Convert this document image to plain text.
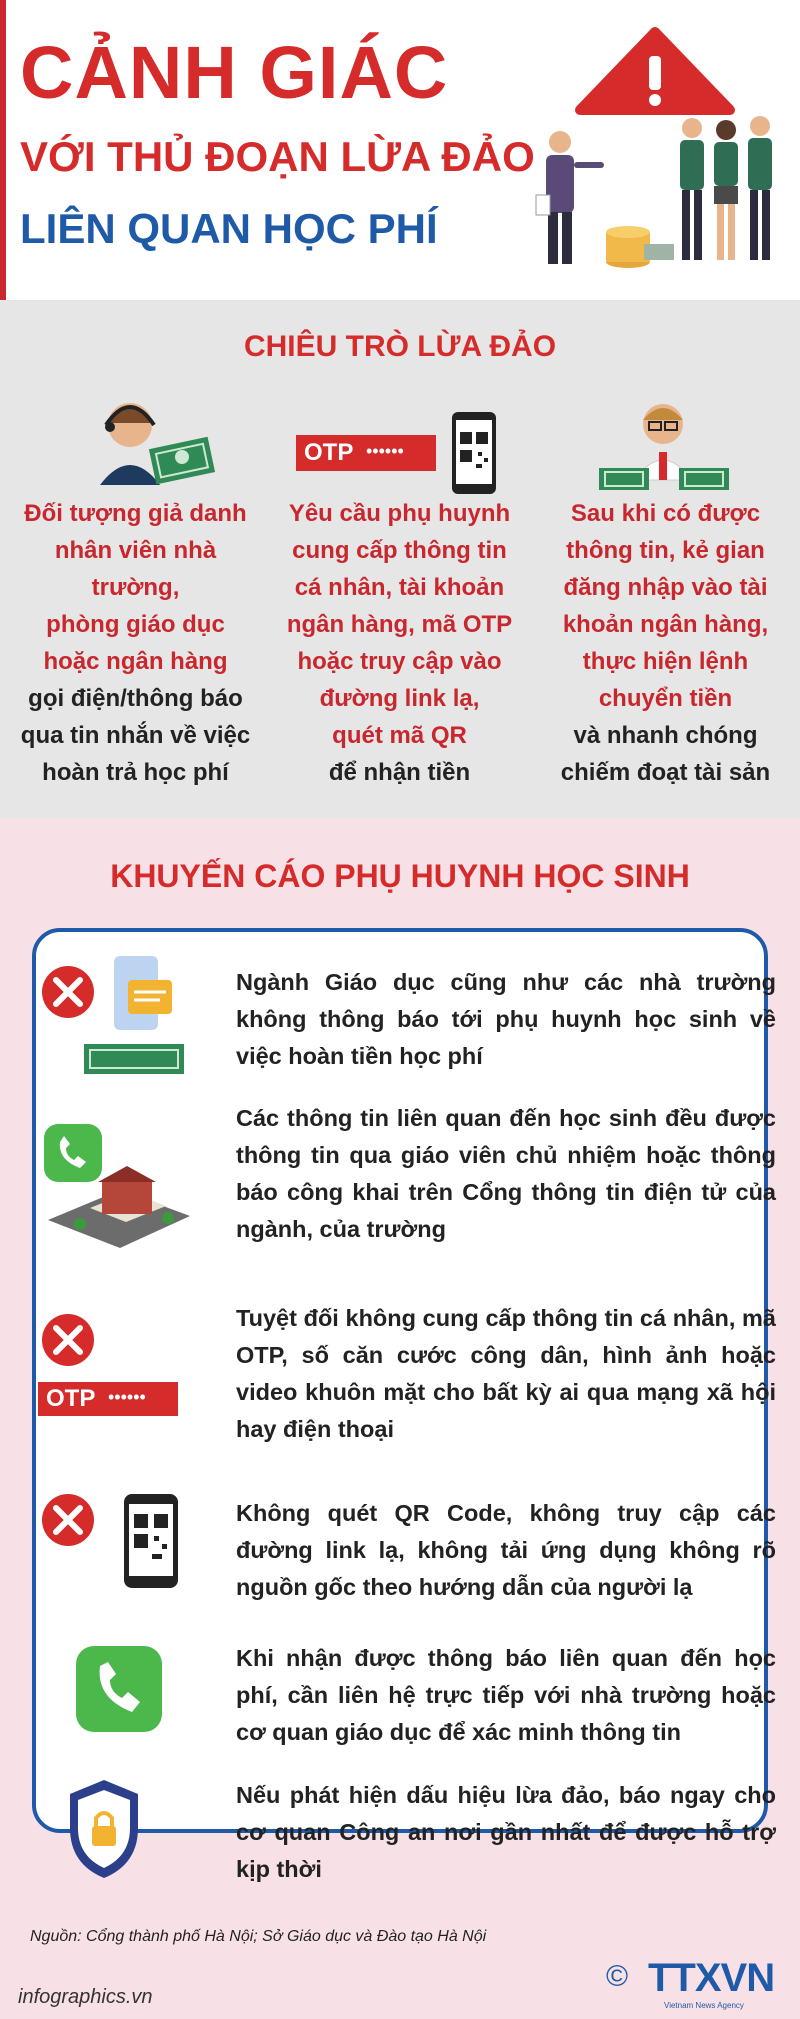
CẢNH GIÁC
VỚI THỦ ĐOẠN LỪA ĐẢO
LIÊN QUAN HỌC PHÍ
CHIÊU TRÒ LỪA ĐẢO
OTP ••••••
Đối tượng giả danh
nhân viên nhà trường,
phòng giáo dục
hoặc ngân hàng
gọi điện/thông báo
qua tin nhắn về việc
hoàn trả học phí
Yêu cầu phụ huynh
cung cấp thông tin
cá nhân, tài khoản
ngân hàng, mã OTP
hoặc truy cập vào
đường link lạ,
quét mã QR
để nhận tiền
Sau khi có được
thông tin, kẻ gian
đăng nhập vào tài
khoản ngân hàng,
thực hiện lệnh
chuyển tiền
và nhanh chóng
chiếm đoạt tài sản
KHUYẾN CÁO PHỤ HUYNH HỌC SINH
Ngành Giáo dục cũng như các nhà trường không thông báo tới phụ huynh học sinh về việc hoàn tiền học phí
Các thông tin liên quan đến học sinh đều được thông tin qua giáo viên chủ nhiệm hoặc thông báo công khai trên Cổng thông tin điện tử của ngành, của trường
OTP ••••••
Tuyệt đối không cung cấp thông tin cá nhân, mã OTP, số căn cước công dân, hình ảnh hoặc video khuôn mặt cho bất kỳ ai qua mạng xã hội hay điện thoại
Không quét QR Code, không truy cập các đường link lạ, không tải ứng dụng không rõ nguồn gốc theo hướng dẫn của người lạ
Khi nhận được thông báo liên quan đến học phí, cần liên hệ trực tiếp với nhà trường hoặc cơ quan giáo dục để xác minh thông tin
Nếu phát hiện dấu hiệu lừa đảo, báo ngay cho cơ quan Công an nơi gần nhất để được hỗ trợ kịp thời
Nguồn: Cổng thành phố Hà Nội; Sở Giáo dục và Đào tạo Hà Nội
infographics.vn
© TTXVN
Vietnam News Agency
